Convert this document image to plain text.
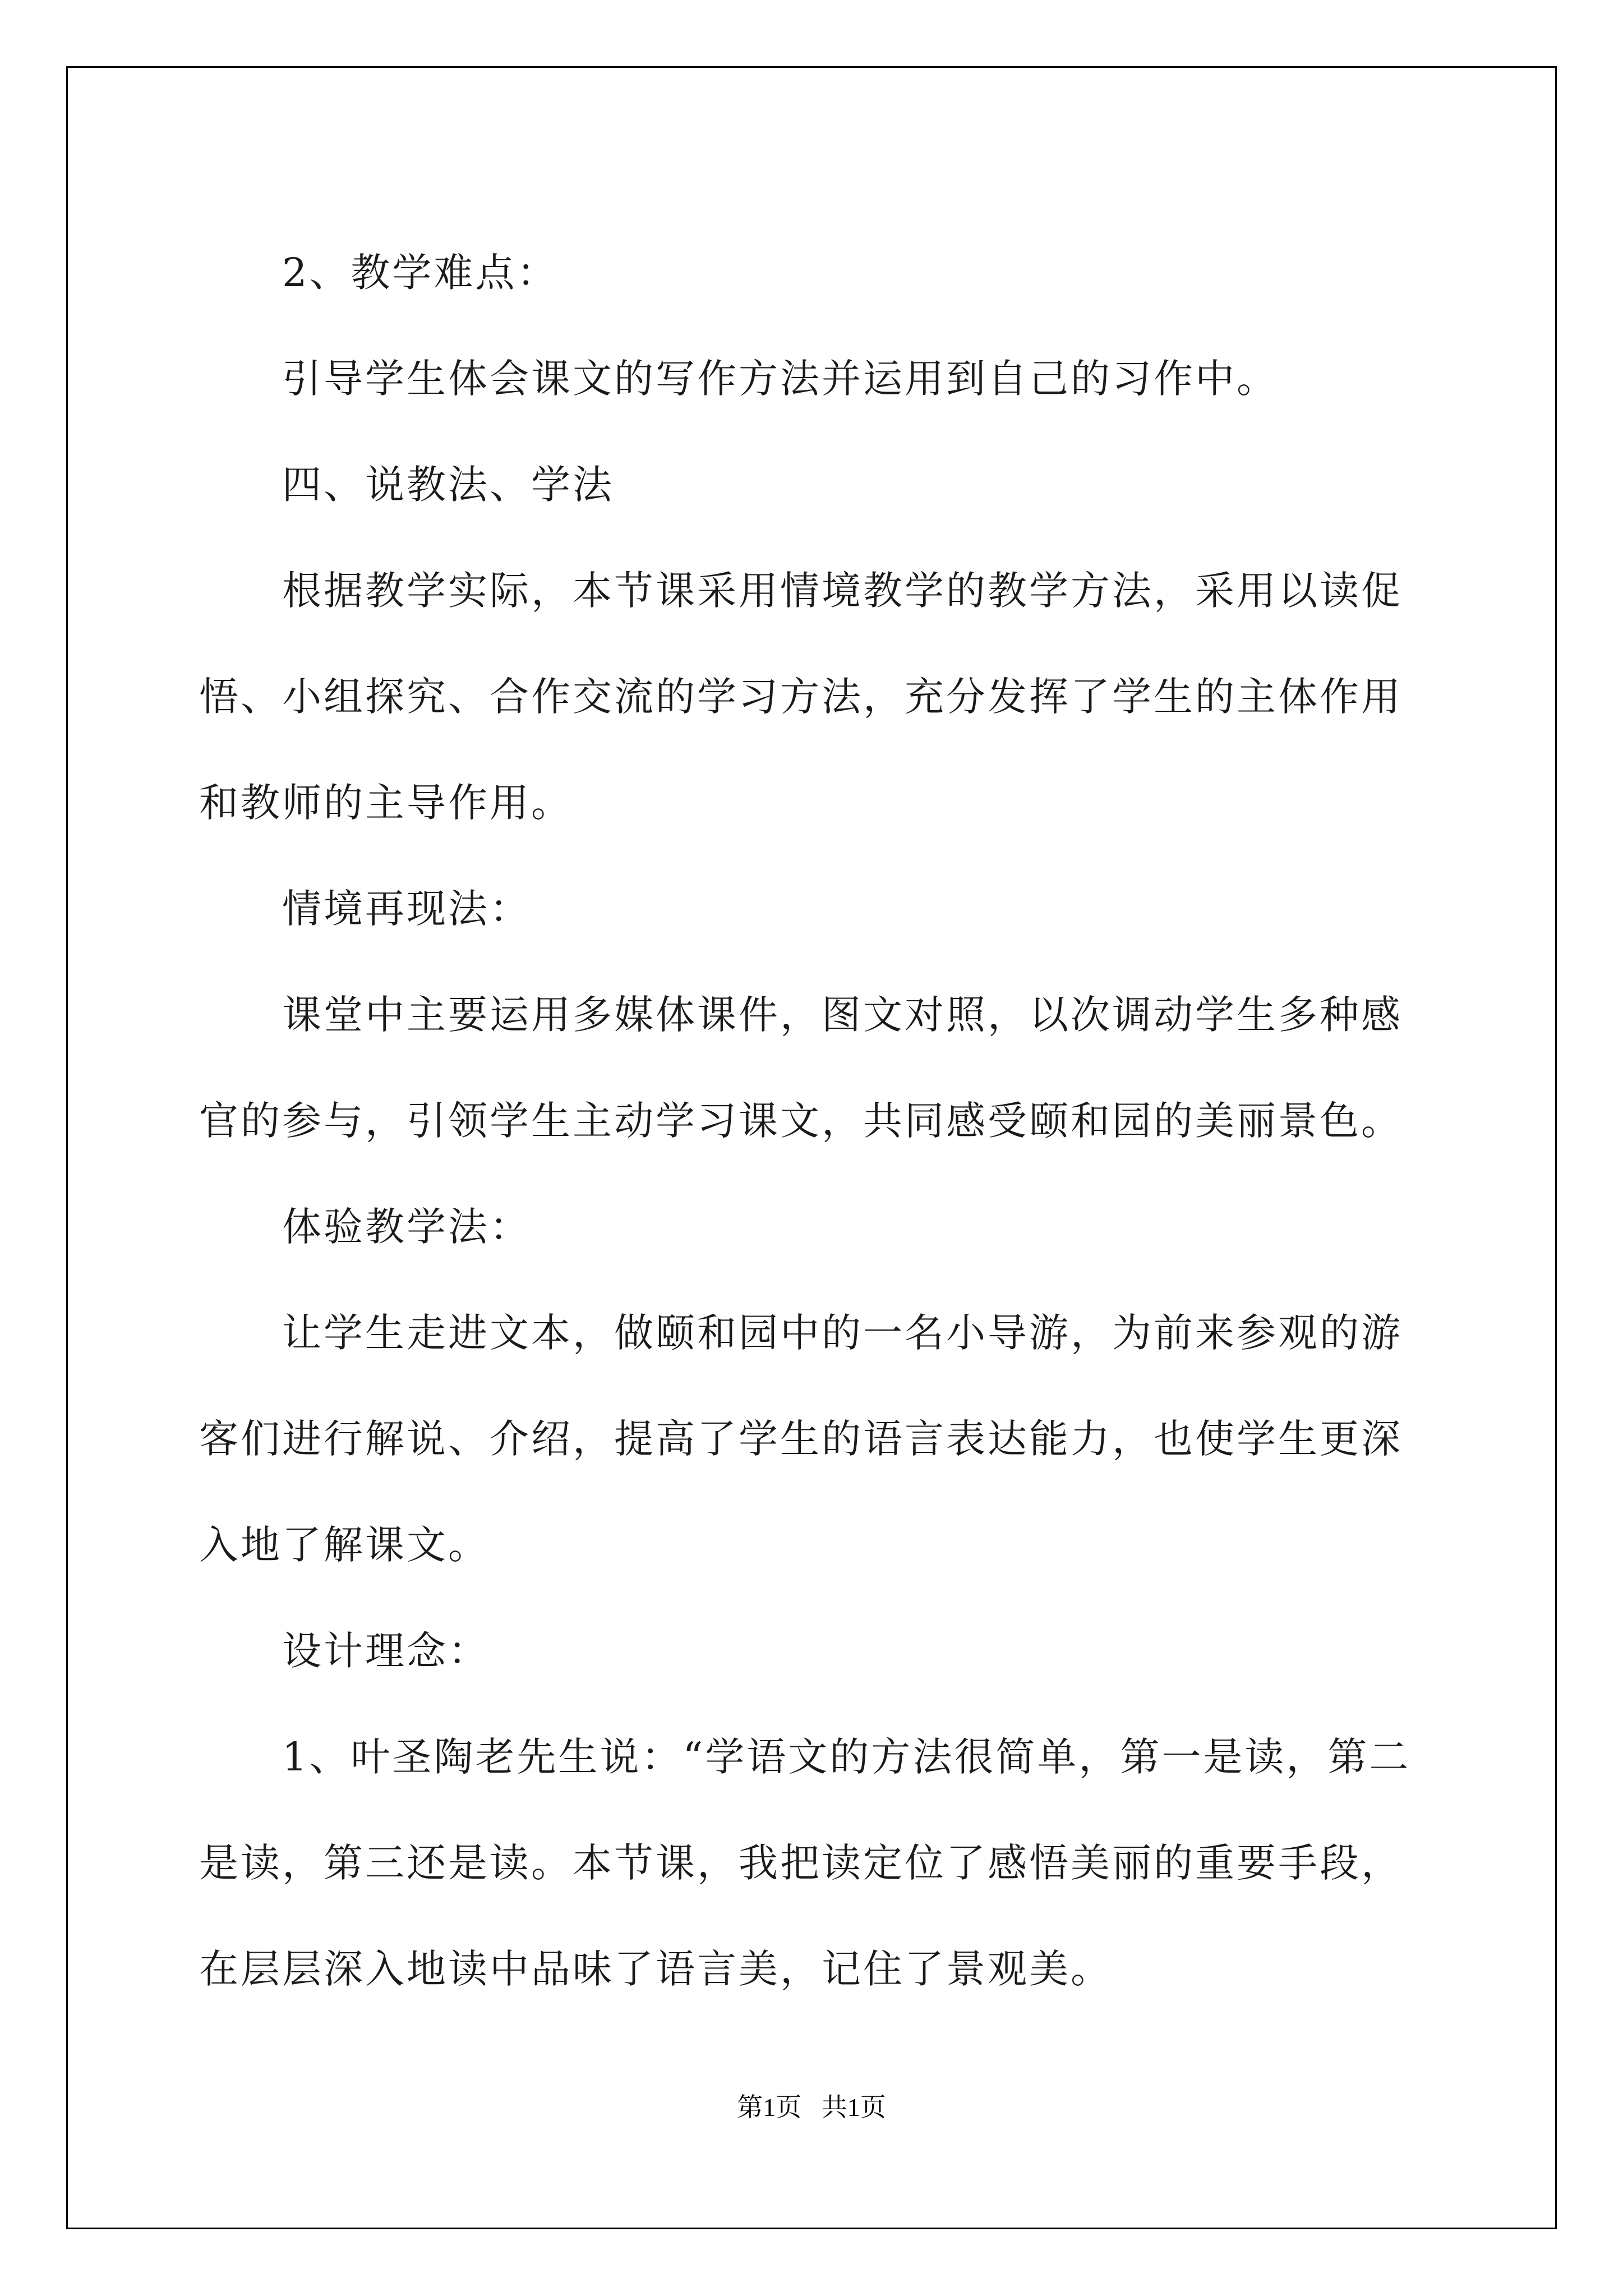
2、教学难点：

引导学生体会课文的写作方法并运用到自己的习作中。

四、说教法、学法

根据教学实际，本节课采用情境教学的教学方法，采用以读促悟、小组探究、合作交流的学习方法，充分发挥了学生的主体作用和教师的主导作用。

情境再现法：

课堂中主要运用多媒体课件，图文对照，以次调动学生多种感官的参与，引领学生主动学习课文，共同感受颐和园的美丽景色。

体验教学法：

让学生走进文本，做颐和园中的一名小导游，为前来参观的游客们进行解说、介绍，提高了学生的语言表达能力，也使学生更深入地了解课文。

设计理念：

1、叶圣陶老先生说：“学语文的方法很简单，第一是读，第二是读，第三还是读。本节课，我把读定位了感悟美丽的重要手段，在层层深入地读中品味了语言美，记住了景观美。

第1页 共1页
